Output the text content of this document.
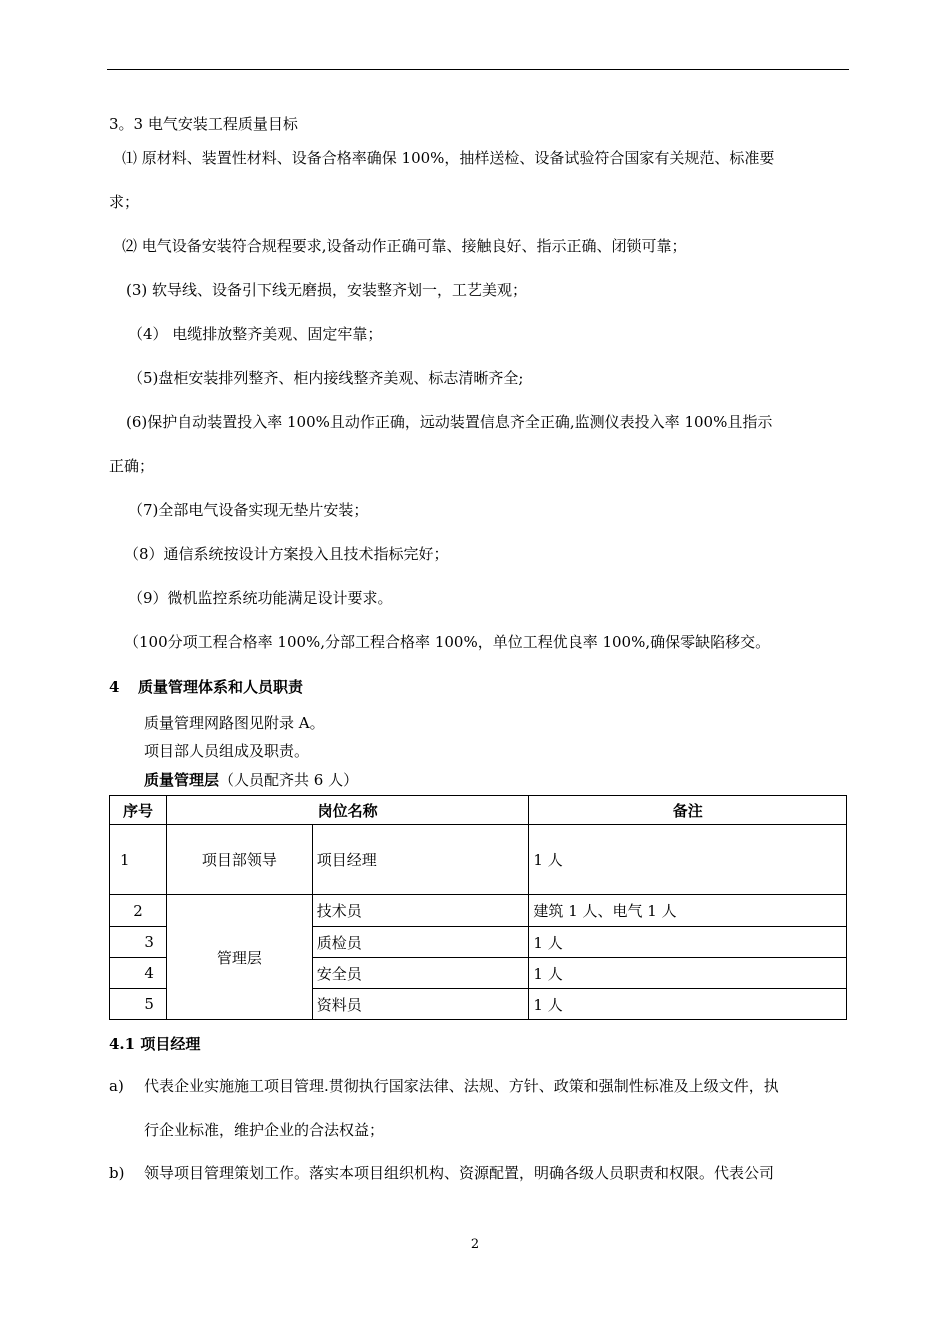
3。3 电气安装工程质量目标
⑴ 原材料、装置性材料、设备合格率确保 100%，抽样送检、设备试验符合国家有关规范、标准要
求；
⑵ 电气设备安装符合规程要求,设备动作正确可靠、接触良好、指示正确、闭锁可靠；
(3) 软导线、设备引下线无磨损，安装整齐划一，工艺美观；
（4） 电缆排放整齐美观、固定牢靠；
（5)盘柜安装排列整齐、柜内接线整齐美观、标志清晰齐全;
(6)保护自动装置投入率 100%且动作正确，远动装置信息齐全正确,监测仪表投入率 100%且指示
正确；
（7)全部电气设备实现无垫片安装；
（8）通信系统按设计方案投入且技术指标完好；
（9）微机监控系统功能满足设计要求。
（100分项工程合格率 100%,分部工程合格率 100%，单位工程优良率 100%,确保零缺陷移交。
4 质量管理体系和人员职责
质量管理网路图见附录 A。
项目部人员组成及职责。
质量管理层（人员配齐共 6 人）
序号	岗位名称		备注
1	项目部领导	项目经理	1 人
2	管理层	技术员	建筑 1 人、电气 1 人
3		质检员	1 人
4		安全员	1 人
5		资料员	1 人
4.1 项目经理
a) 代表企业实施施工项目管理.贯彻执行国家法律、法规、方针、政策和强制性标准及上级文件，执
行企业标准，维护企业的合法权益；
b) 领导项目管理策划工作。落实本项目组织机构、资源配置，明确各级人员职责和权限。代表公司
2
